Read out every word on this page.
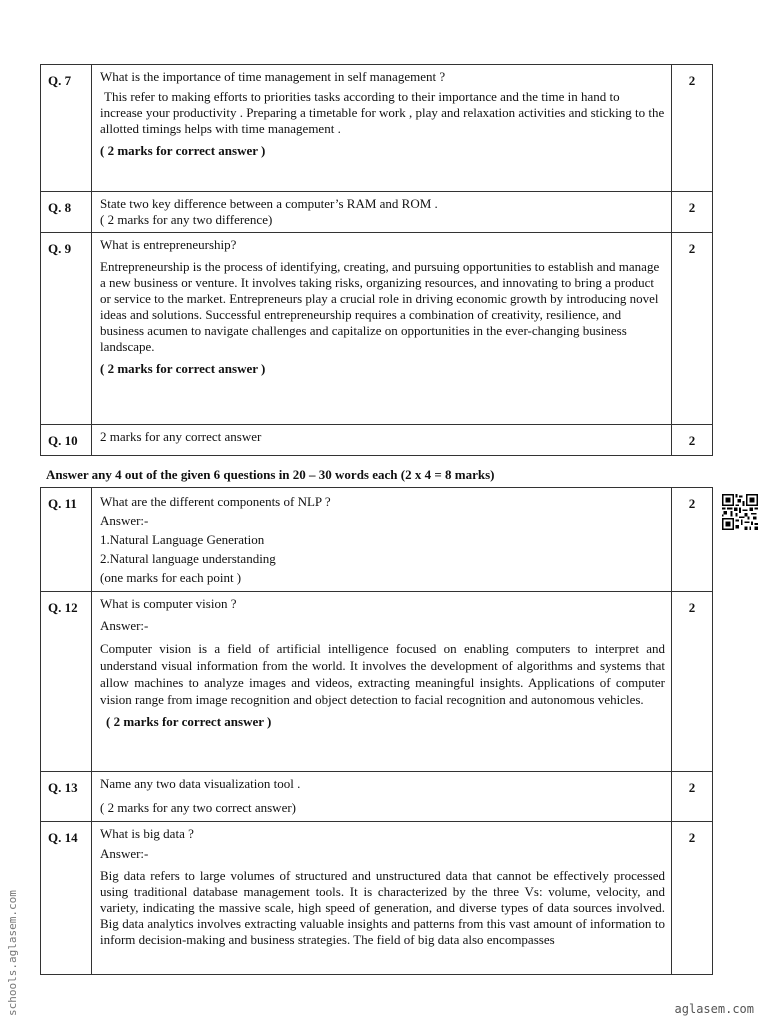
Q. 7	What is the importance of time management in self management ?
This refer to making efforts to priorities tasks according to their importance and the time in hand to increase your productivity . Preparing a timetable for work , play and relaxation activities and sticking to the allotted timings helps with time management .
( 2 marks for correct answer )	2
Q. 8	State two key difference between a computer’s RAM and ROM .
( 2 marks for any two difference)	2
Q. 9	What is entrepreneurship?
Entrepreneurship is the process of identifying, creating, and pursuing opportunities to establish and manage a new business or venture. It involves taking risks, organizing resources, and innovating to bring a product or service to the market. Entrepreneurs play a crucial role in driving economic growth by introducing novel ideas and solutions. Successful entrepreneurship requires a combination of creativity, resilience, and business acumen to navigate challenges and capitalize on opportunities in the ever-changing business landscape.
( 2 marks for correct answer )	2
Q. 10	2 marks for any correct answer	2
Answer any 4 out of the given 6 questions in 20 – 30 words each (2 x 4 = 8 marks)
Q. 11	What are the different components of NLP ?
Answer:-
1.Natural Language Generation
2.Natural language understanding
(one marks for each point )	2
Q. 12	What is computer vision ?
Answer:-
Computer vision is a field of artificial intelligence focused on enabling computers to interpret and understand visual information from the world. It involves the development of algorithms and systems that allow machines to analyze images and videos, extracting meaningful insights. Applications of computer vision range from image recognition and object detection to facial recognition and autonomous vehicles.
( 2 marks for correct answer )	2
Q. 13	Name any two data visualization tool .
( 2 marks for any two correct answer)	2
Q. 14	What is big data ?
Answer:-
Big data refers to large volumes of structured and unstructured data that cannot be effectively processed using traditional database management tools. It is characterized by the three Vs: volume, velocity, and variety, indicating the massive scale, high speed of generation, and diverse types of data sources involved. Big data analytics involves extracting valuable insights and patterns from this vast amount of information to inform decision-making and business strategies. The field of big data also encompasses	2
schools.aglasem.com	aglasem.com
